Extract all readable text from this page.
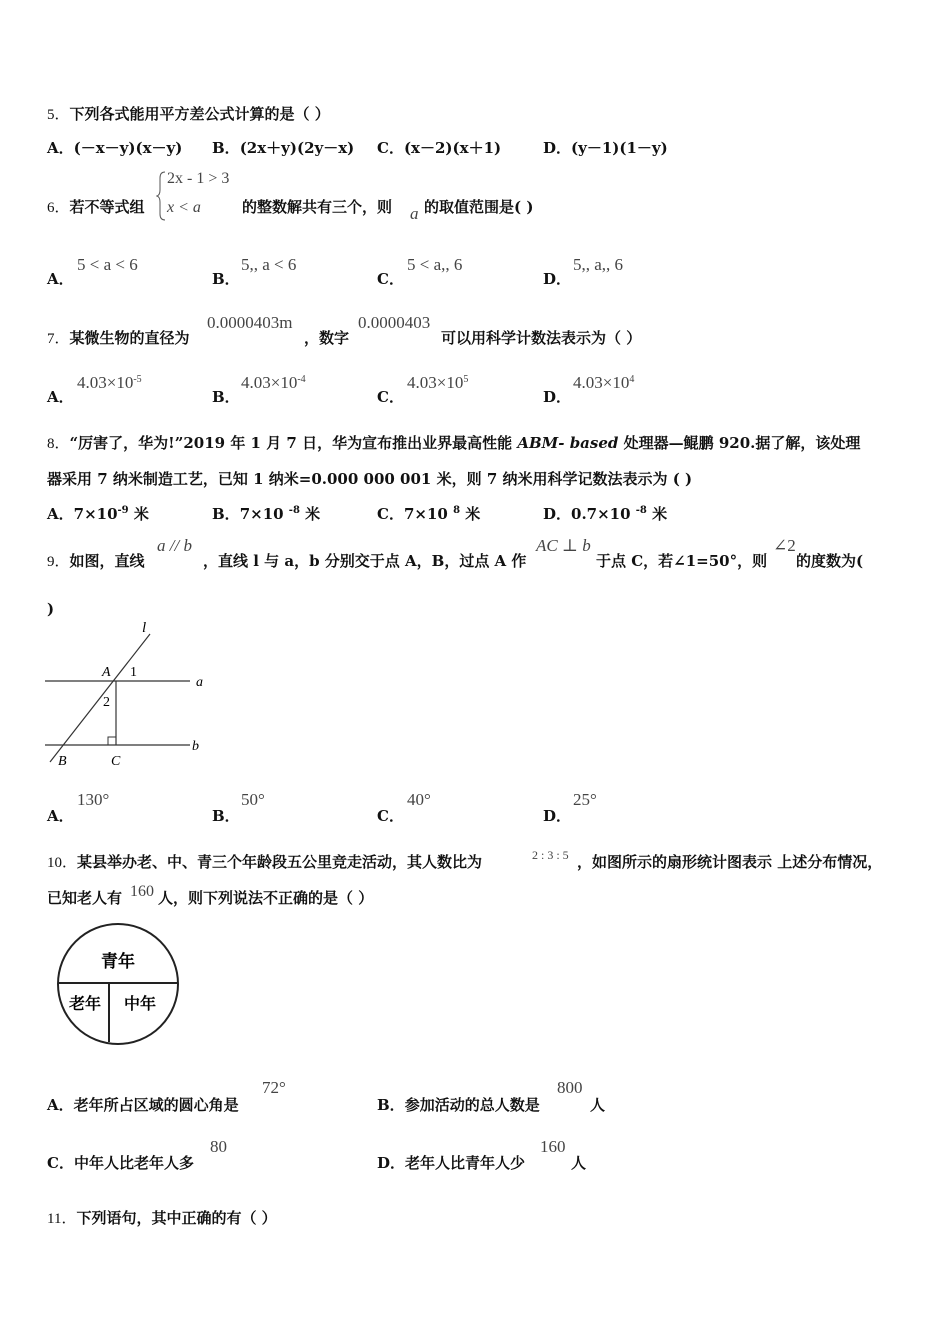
5．下列各式能用平方差公式计算的是（ ）
A．(－x－y)(x－y) B．(2x＋y)(2y－x) C．(x－2)(x＋1)	D．(y－1)(1－y)
6．若不等式组
2x - 1 > 3
x < a	的整数解共有三个，则 a 的取值范围是( )
A．
5 < a < 6
B．
5,, a < 6
C．
5 < a,, 6
D．
5,, a,, 6
7．某微生物的直径为
0.0000403m
，数字
0.0000403
可以用科学计数法表示为（ ）
A．
$4.03\times 10^{-5}$
B．
$4.03\times 10^{-4}$
C．
$4.03\times 10^5$
D．
$4.03\times 10^4$
8．“厉害了，华为!”2019 年 1 月 7 日，华为宣布推出业界最高性能 ABM- based 处理器—鲲鹏 920.据了解，该处理
器采用 7 纳米制造工艺，已知 1 纳米=0.000 000 001 米，则 7 纳米用科学记数法表示为 ( )
A．$7\times 10^{-9}$ 米	B．7×10 $^{-8}$ 米	C．7×10 $^8$ 米	D．0.7×10 $^{-8}$ 米
9．如图，直线
a // b
，直线 l 与 a，b 分别交于点 A，B，过点 A 作
AC ⊥ b
于点 C，若∠1=50°，则
∠2
的度数为(
)
l
1
A
a
2
b
B	C
A．
130°
B．
50°
C．
40°
D．
25°
10．某县举办老、中、青三个年龄段五公里竞走活动，其人数比为	2 : 3 : 5 ，如图所示的扇形统计图表示 上述分布情况，
已知老人有 160 人，则下列说法不正确的是（ ）
青年
老年 中年
A．老年所占区域的圆心角是
72°
B．参加活动的总人数是
800
人
C．中年人比老年人多
80
D．老年人比青年人少
160
人
11．下列语句，其中正确的有（ ）
